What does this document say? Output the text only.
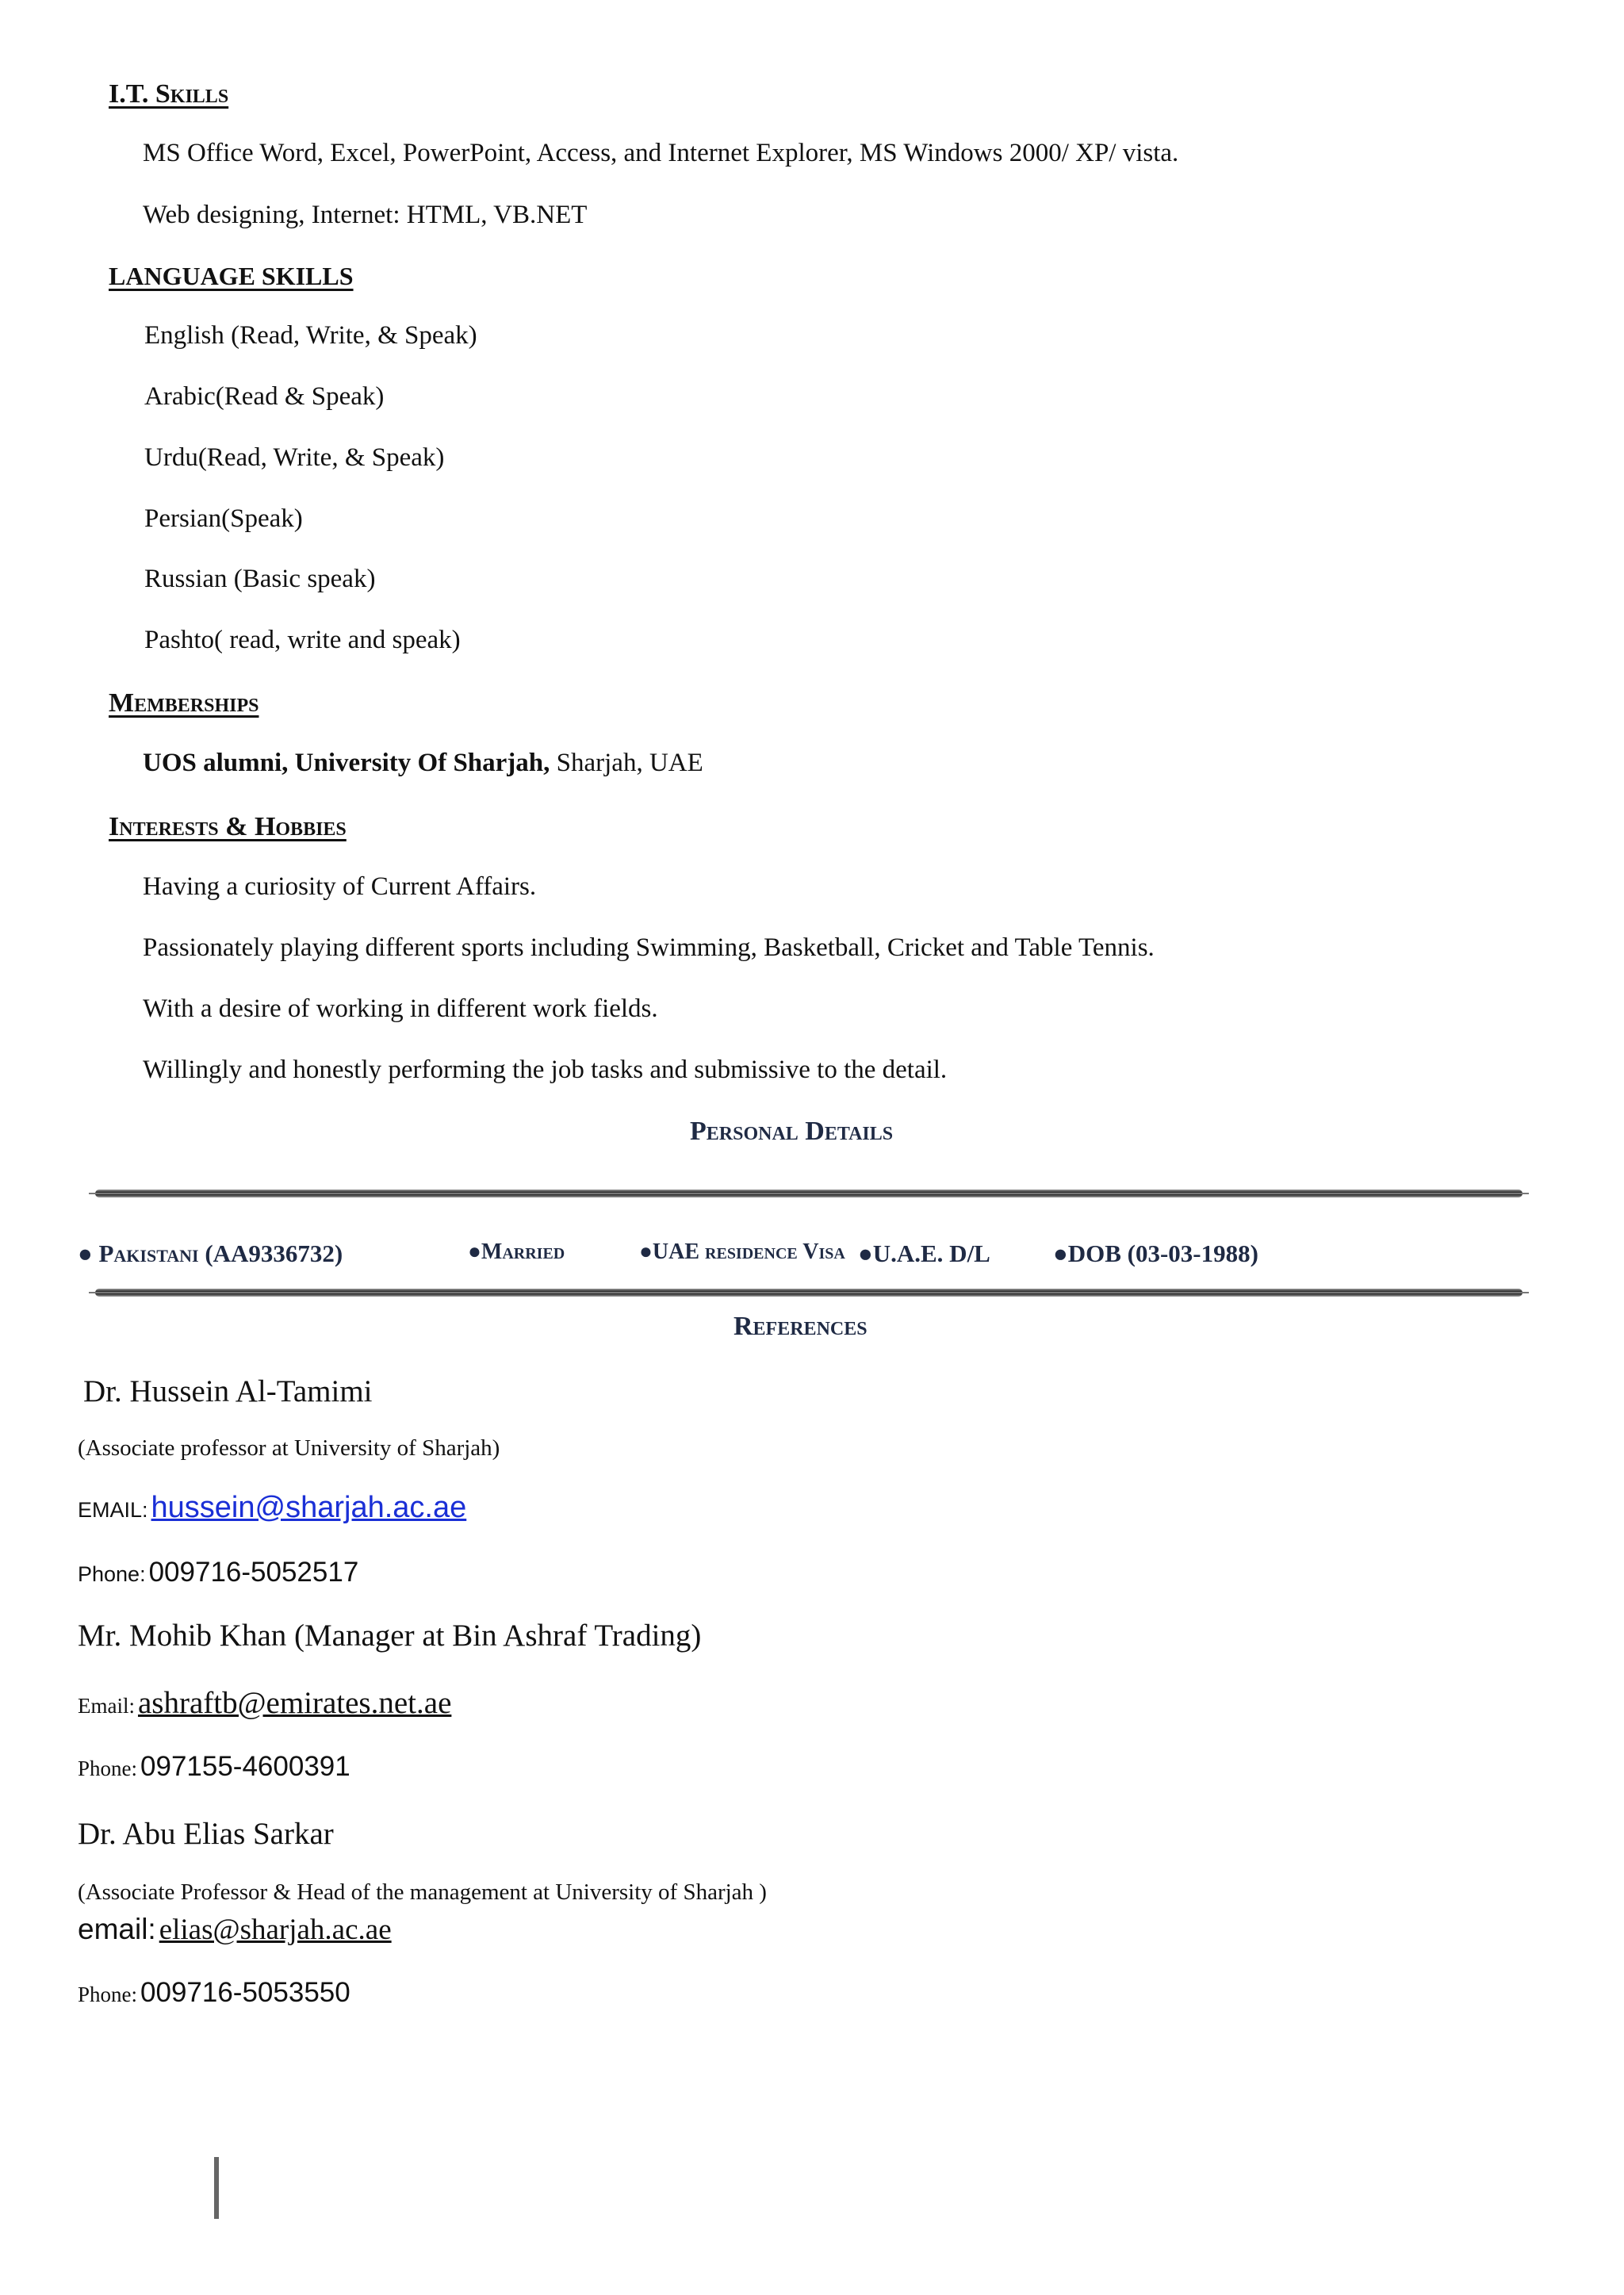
I.T. Skills
MS Office Word, Excel, PowerPoint, Access, and Internet Explorer, MS Windows 2000/ XP/ vista.
Web designing, Internet: HTML, VB.NET
LANGUAGE SKILLS
English (Read, Write, & Speak)
Arabic(Read & Speak)
Urdu(Read, Write, & Speak)
Persian(Speak)
Russian (Basic speak)
Pashto( read, write and speak)
Memberships
UOS alumni, University Of Sharjah, Sharjah, UAE
Interests & Hobbies
Having a curiosity of Current Affairs.
Passionately playing different sports including Swimming, Basketball, Cricket and Table Tennis.
With a desire of working in different work fields.
Willingly and honestly performing the job tasks and submissive to the detail.
Personal Details
● Pakistani (AA9336732)	●Married	●UAE residence Visa ●U.A.E. D/L	●DOB (03-03-1988)
References
Dr. Hussein Al-Tamimi
(Associate professor at University of Sharjah)
EMAIL: hussein@sharjah.ac.ae
Phone: 009716-5052517
Mr. Mohib Khan (Manager at Bin Ashraf Trading)
Email: ashraftb@emirates.net.ae
Phone: 097155-4600391
Dr. Abu Elias Sarkar
(Associate Professor & Head of the management at University of Sharjah )
email: elias@sharjah.ac.ae
Phone: 009716-5053550
